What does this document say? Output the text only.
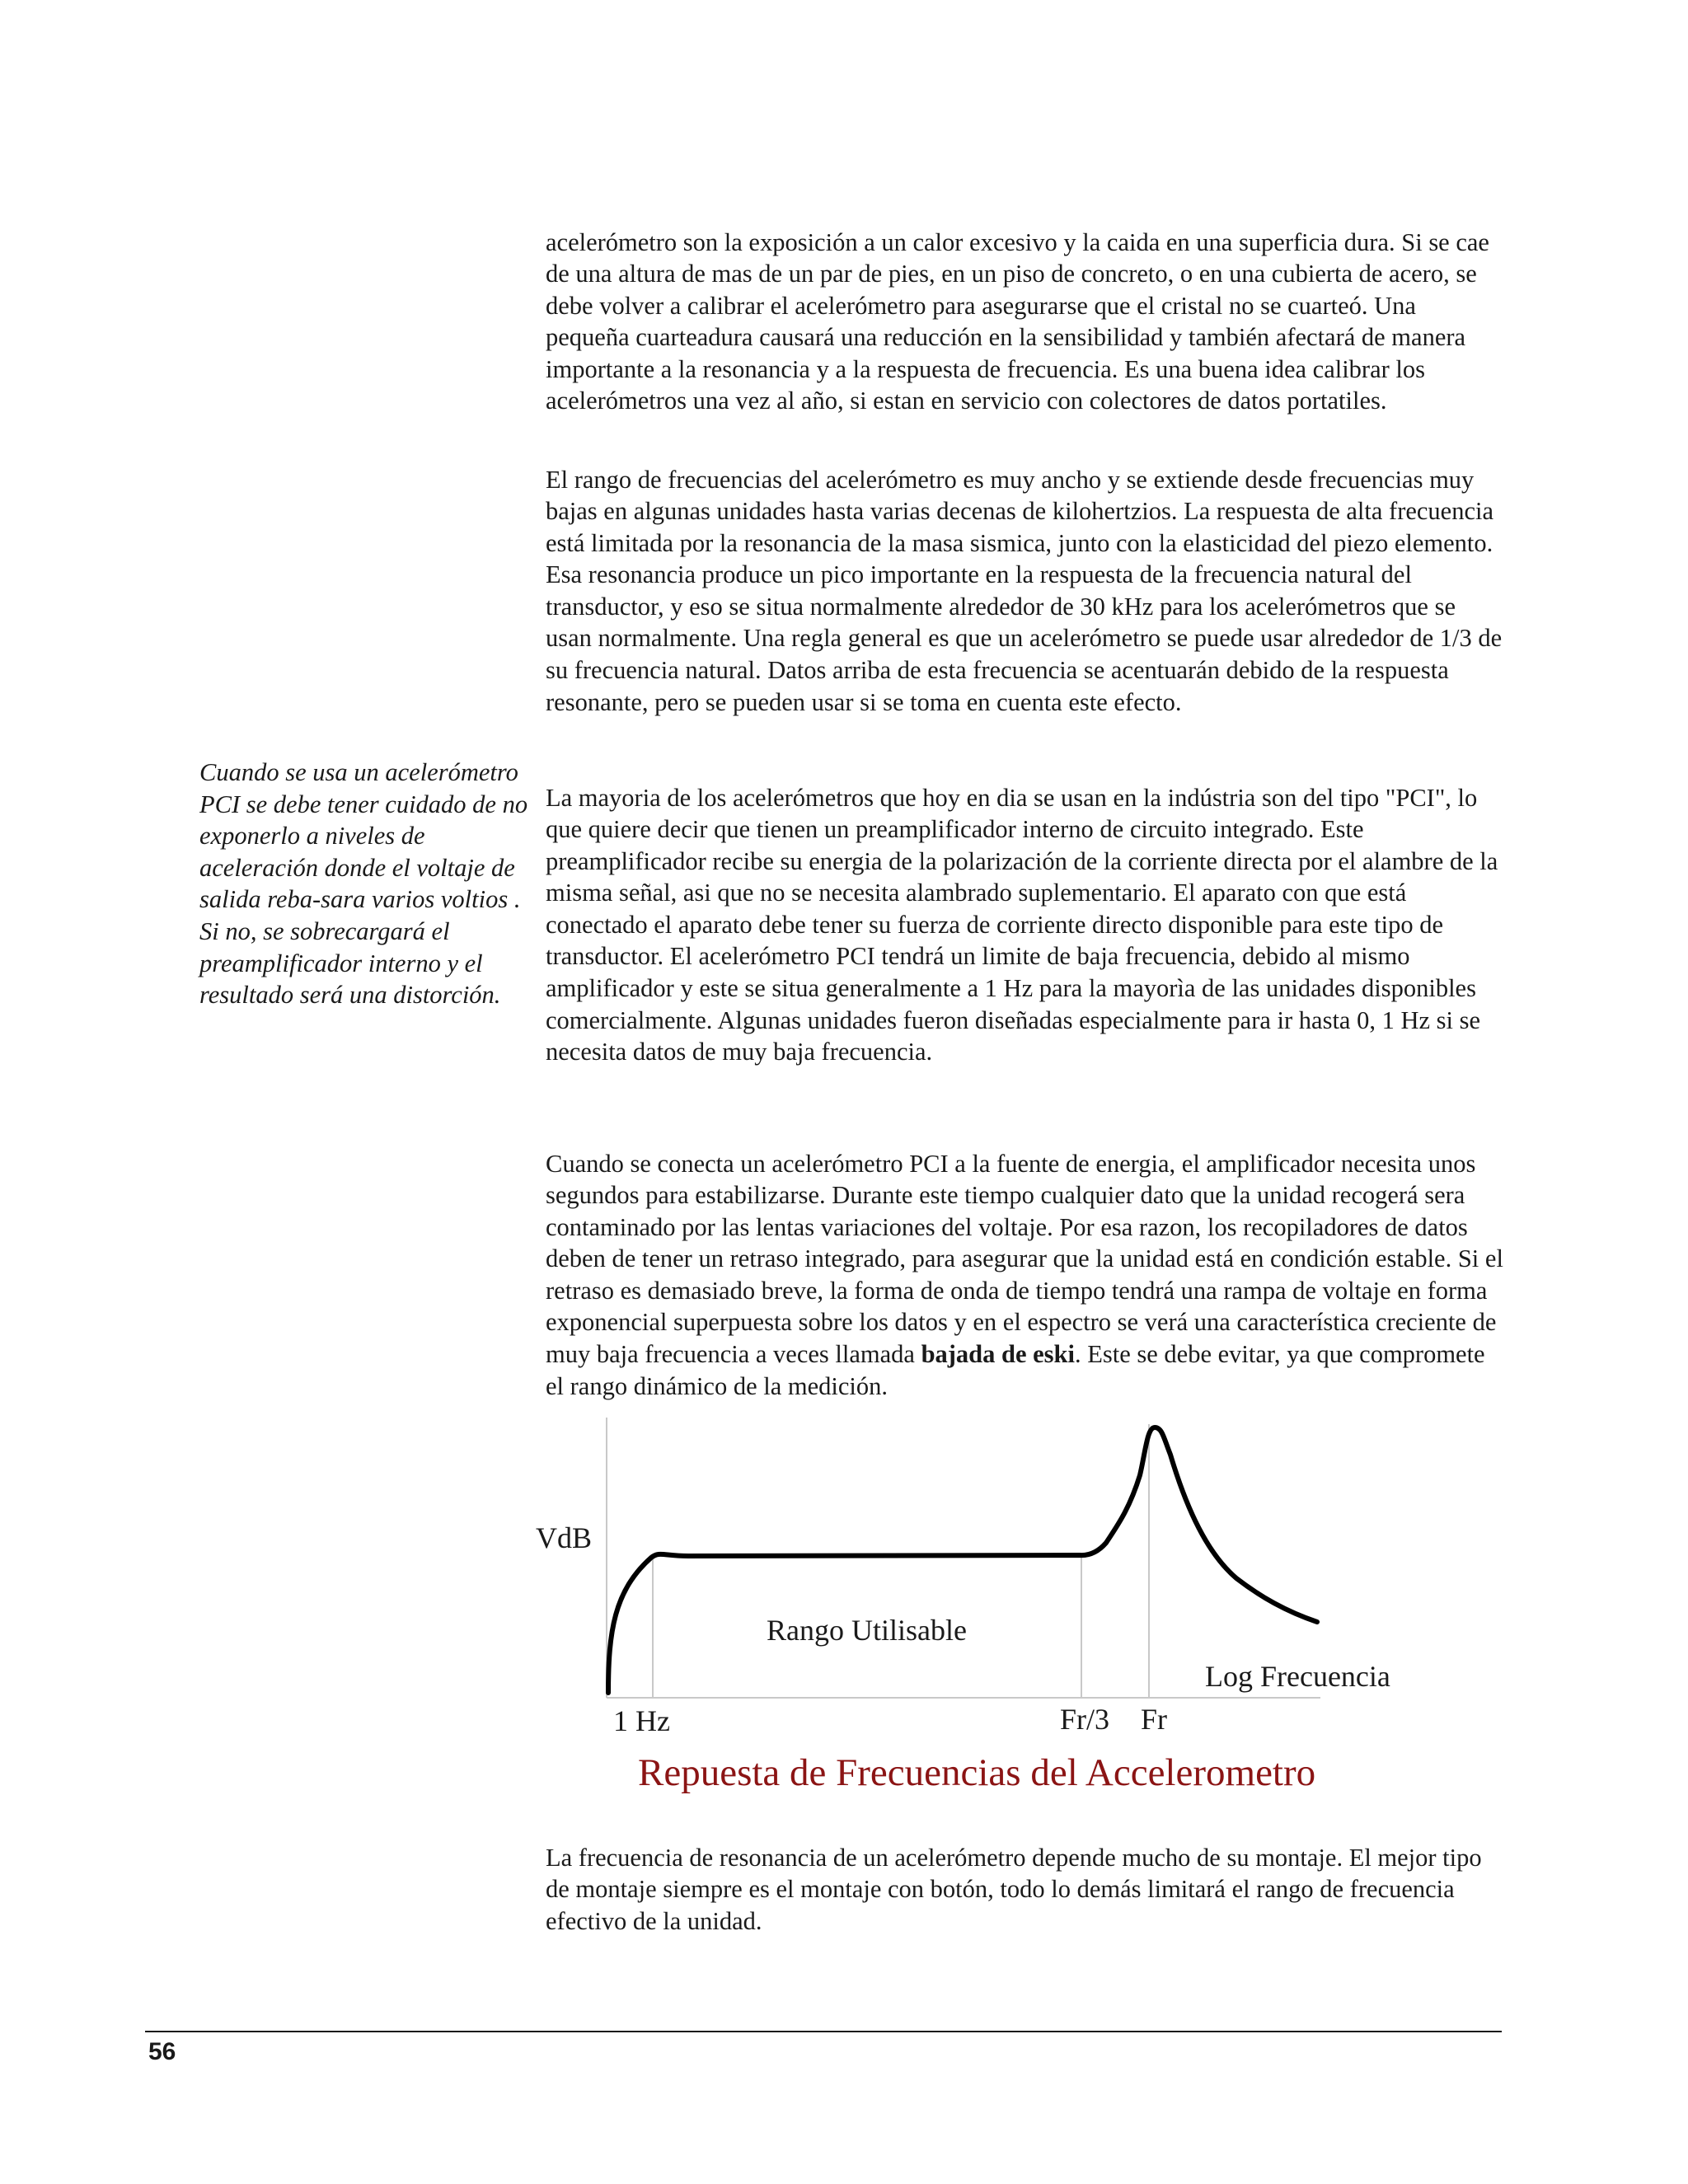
acelerómetro son la exposición a un calor excesivo y la caida en una superficia dura. Si se cae de una altura de mas de un par de pies, en un piso de concreto, o en una cubierta de acero, se debe volver a calibrar el acelerómetro para asegurarse que el cristal no se cuarteó. Una pequeña cuarteadura causará una reducción en la sensibilidad y también afectará de manera importante a la resonancia y a la respuesta de frecuencia. Es una buena idea calibrar los acelerómetros una vez al año, si estan en servicio con colectores de datos portatiles.

El rango de frecuencias del acelerómetro es muy ancho y se extiende desde frecuencias muy bajas en algunas unidades hasta varias decenas de kilohertzios. La respuesta de alta frecuencia está limitada por la resonancia de la masa sismica, junto con la elasticidad del piezo elemento. Esa resonancia produce un pico importante en la respuesta de la frecuencia natural del transductor, y eso se situa normalmente alrededor de 30 kHz para los acelerómetros que se usan normalmente. Una regla general es que un acelerómetro se puede usar alrededor de 1/3 de su frecuencia natural. Datos arriba de esta frecuencia se acentuarán debido de la respuesta resonante, pero se pueden usar si se toma en cuenta este efecto.

Cuando se usa un acelerómetro PCI se debe tener cuidado de no exponerlo a niveles de aceleración donde el voltaje de salida reba-sara varios voltios . Si no, se sobrecargará el preamplificador interno y el resultado será una distorción.

La mayoria de los acelerómetros que hoy en dia se usan en la indústria son del tipo "PCI", lo que quiere decir que tienen un preamplificador interno de circuito integrado. Este preamplificador recibe su energia de la polarización de la corriente directa por el alambre de la misma señal, asi que no se necesita alambrado suplementario. El aparato con que está conectado el aparato debe tener su fuerza de corriente directo disponible para este tipo de transductor. El acelerómetro PCI tendrá un limite de baja frecuencia, debido al mismo amplificador y este se situa generalmente a 1 Hz para la mayorìa de las unidades disponibles comercialmente. Algunas unidades fueron diseñadas especialmente para ir hasta 0, 1 Hz si se necesita datos de muy baja frecuencia.

Cuando se conecta un acelerómetro PCI a la fuente de energia, el amplificador necesita unos segundos para estabilizarse. Durante este tiempo cualquier dato que la unidad recogerá sera contaminado por las lentas variaciones del voltaje. Por esa razon, los recopiladores de datos deben de tener un retraso integrado, para asegurar que la unidad está en condición estable. Si el retraso es demasiado breve, la forma de onda de tiempo tendrá una rampa de voltaje en forma exponencial superpuesta sobre los datos y en el espectro se verá una característica creciente de muy baja frecuencia a veces llamada bajada de eski. Este se debe evitar, ya que compromete el rango dinámico de la medición.

VdB
Rango Utilisable
Log Frecuencia
1 Hz	Fr/3 Fr
Repuesta de Frecuencias del Accelerometro

La frecuencia de resonancia de un acelerómetro depende mucho de su montaje. El mejor tipo de montaje siempre es el montaje con botón, todo lo demás limitará el rango de frecuencia efectivo de la unidad.

56
